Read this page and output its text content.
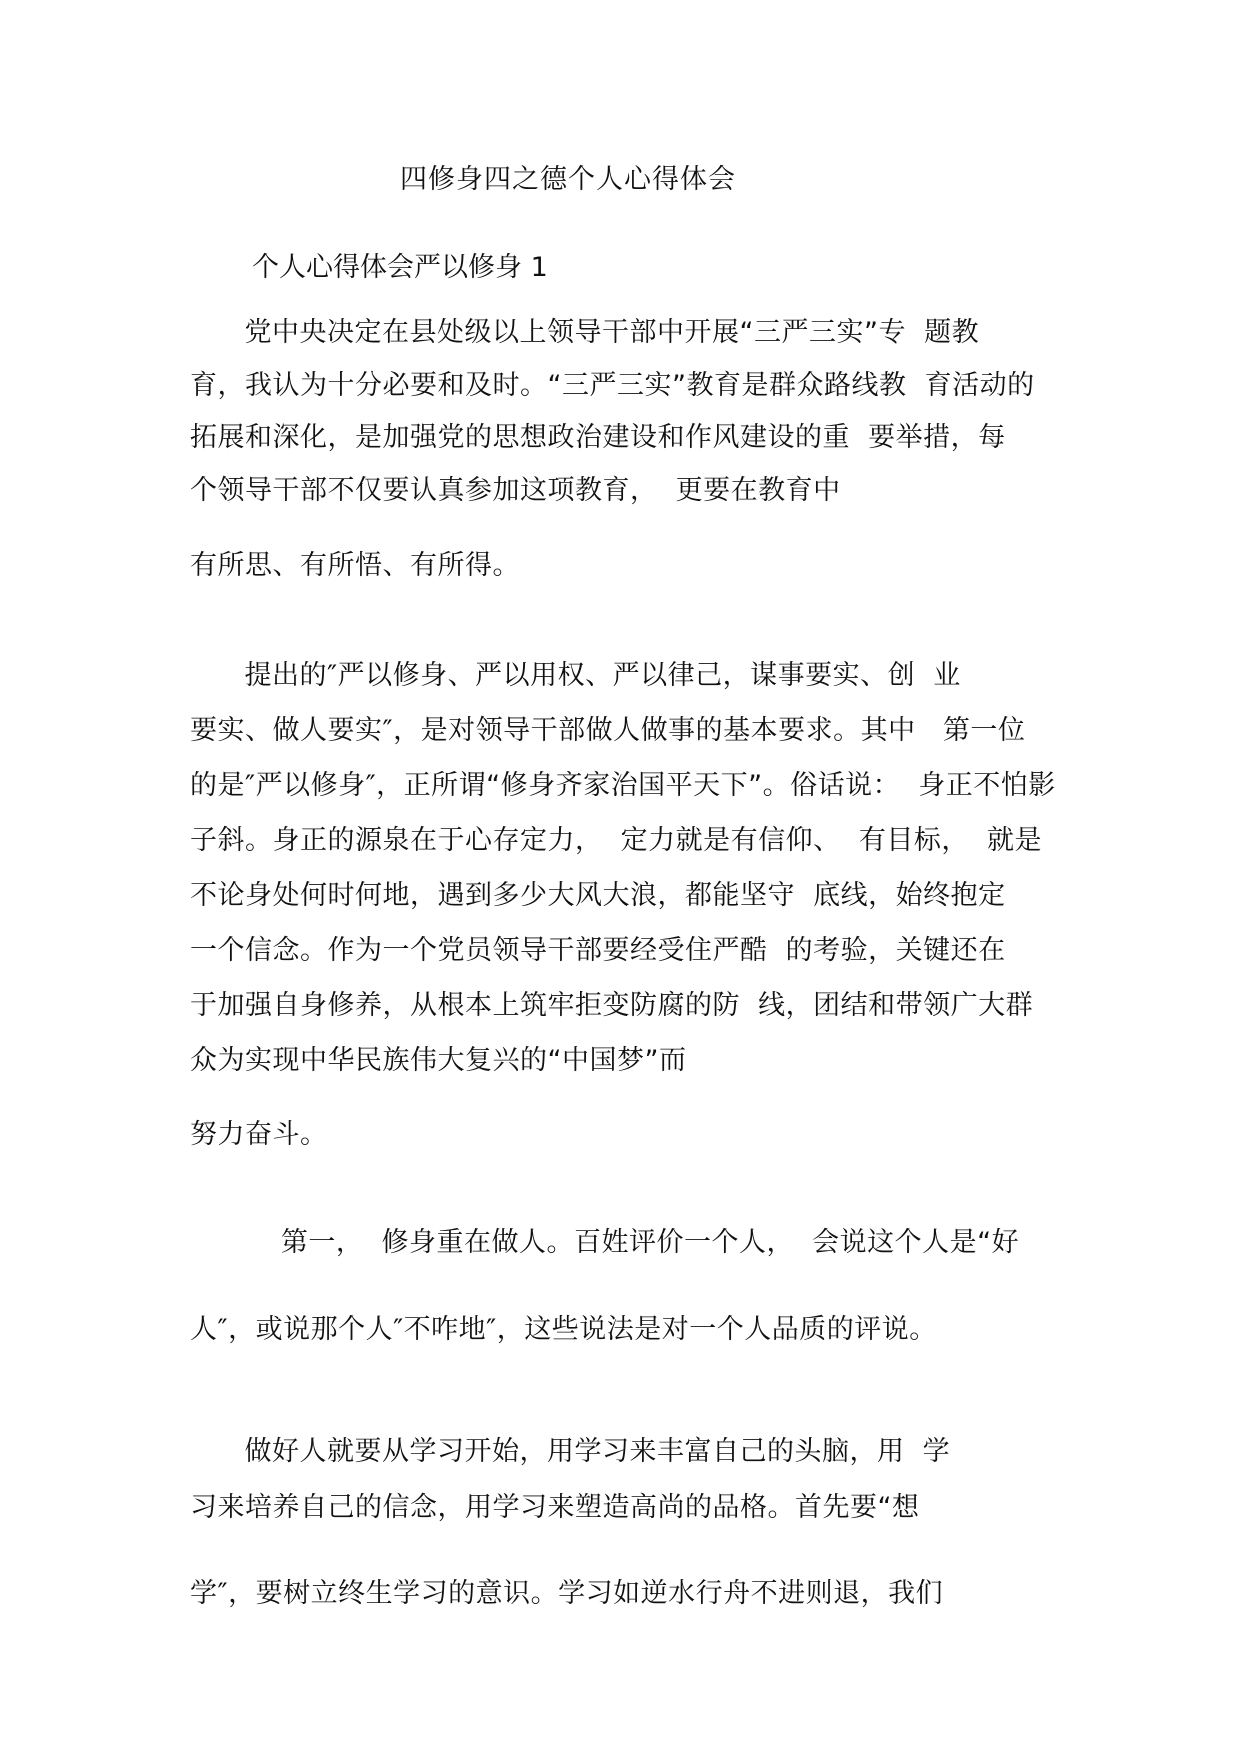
四修身四之德个人心得体会
个人心得体会严以修身 1
党中央决定在县处级以上领导干部中开展“三严三实”专  题教
育，我认为十分必要和及时。“三严三实”教育是群众路线教  育活动的
拓展和深化，是加强党的思想政治建设和作风建设的重  要举措，每
个领导干部不仅要认真参加这项教育，  更要在教育中
有所思、有所悟、有所得。
提出的″严以修身、严以用权、严以律己，谋事要实、创  业
要实、做人要实″，是对领导干部做人做事的基本要求。其中   第一位
的是″严以修身″，正所谓“修身齐家治国平天下”。俗话说：  身正不怕影
子斜。身正的源泉在于心存定力，  定力就是有信仰、  有目标，  就是
不论身处何时何地，遇到多少大风大浪，都能坚守  底线，始终抱定
一个信念。作为一个党员领导干部要经受住严酷  的考验，关键还在
于加强自身修养，从根本上筑牢拒变防腐的防  线，团结和带领广大群
众为实现中华民族伟大复兴的“中国梦”而
努力奋斗。
第一，  修身重在做人。百姓评价一个人，  会说这个人是“好
人″，或说那个人″不咋地″，这些说法是对一个人品质的评说。
做好人就要从学习开始，用学习来丰富自己的头脑，用  学
习来培养自己的信念，用学习来塑造高尚的品格。首先要“想
学″，要树立终生学习的意识。学习如逆水行舟不进则退，我们
